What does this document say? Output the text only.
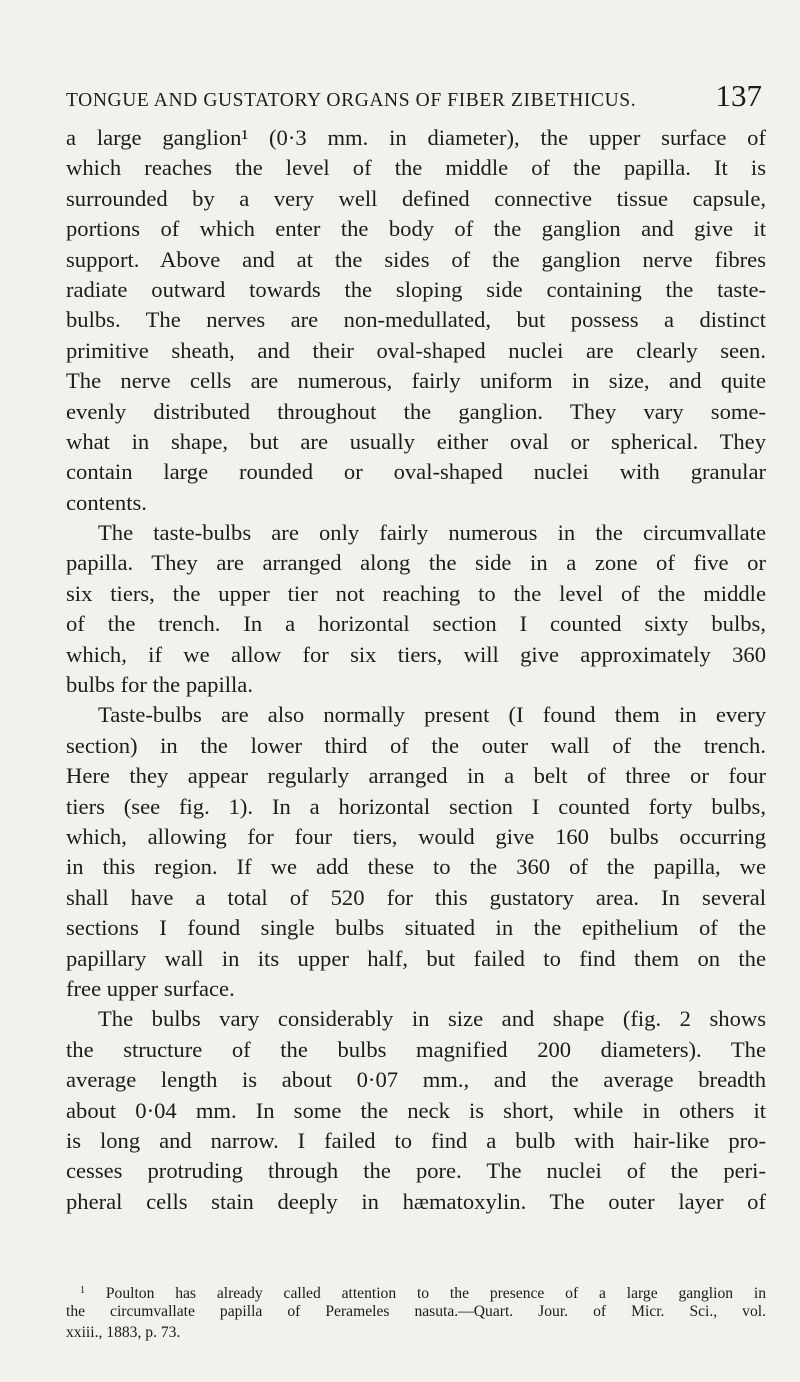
TONGUE AND GUSTATORY ORGANS OF FIBER ZIBETHICUS.	137
a large ganglion¹ (0·3 mm. in diameter), the upper surface of
which reaches the level of the middle of the papilla. It is
surrounded by a very well defined connective tissue capsule,
portions of which enter the body of the ganglion and give it
support. Above and at the sides of the ganglion nerve fibres
radiate outward towards the sloping side containing the taste-
bulbs. The nerves are non-medullated, but possess a distinct
primitive sheath, and their oval-shaped nuclei are clearly seen.
The nerve cells are numerous, fairly uniform in size, and quite
evenly distributed throughout the ganglion. They vary some-
what in shape, but are usually either oval or spherical. They
contain large rounded or oval-shaped nuclei with granular
contents.
The taste-bulbs are only fairly numerous in the circumvallate
papilla. They are arranged along the side in a zone of five or
six tiers, the upper tier not reaching to the level of the middle
of the trench. In a horizontal section I counted sixty bulbs,
which, if we allow for six tiers, will give approximately 360
bulbs for the papilla.
Taste-bulbs are also normally present (I found them in every
section) in the lower third of the outer wall of the trench.
Here they appear regularly arranged in a belt of three or four
tiers (see fig. 1). In a horizontal section I counted forty bulbs,
which, allowing for four tiers, would give 160 bulbs occurring
in this region. If we add these to the 360 of the papilla, we
shall have a total of 520 for this gustatory area. In several
sections I found single bulbs situated in the epithelium of the
papillary wall in its upper half, but failed to find them on the
free upper surface.
The bulbs vary considerably in size and shape (fig. 2 shows
the structure of the bulbs magnified 200 diameters). The
average length is about 0·07 mm., and the average breadth
about 0·04 mm. In some the neck is short, while in others it
is long and narrow. I failed to find a bulb with hair-like pro-
cesses protruding through the pore. The nuclei of the peri-
pheral cells stain deeply in hæmatoxylin. The outer layer of
$^1$ Poulton has already called attention to the presence of a large ganglion in
the circumvallate papilla of Perameles nasuta.—Quart. Jour. of Micr. Sci., vol.
xxiii., 1883, p. 73.
